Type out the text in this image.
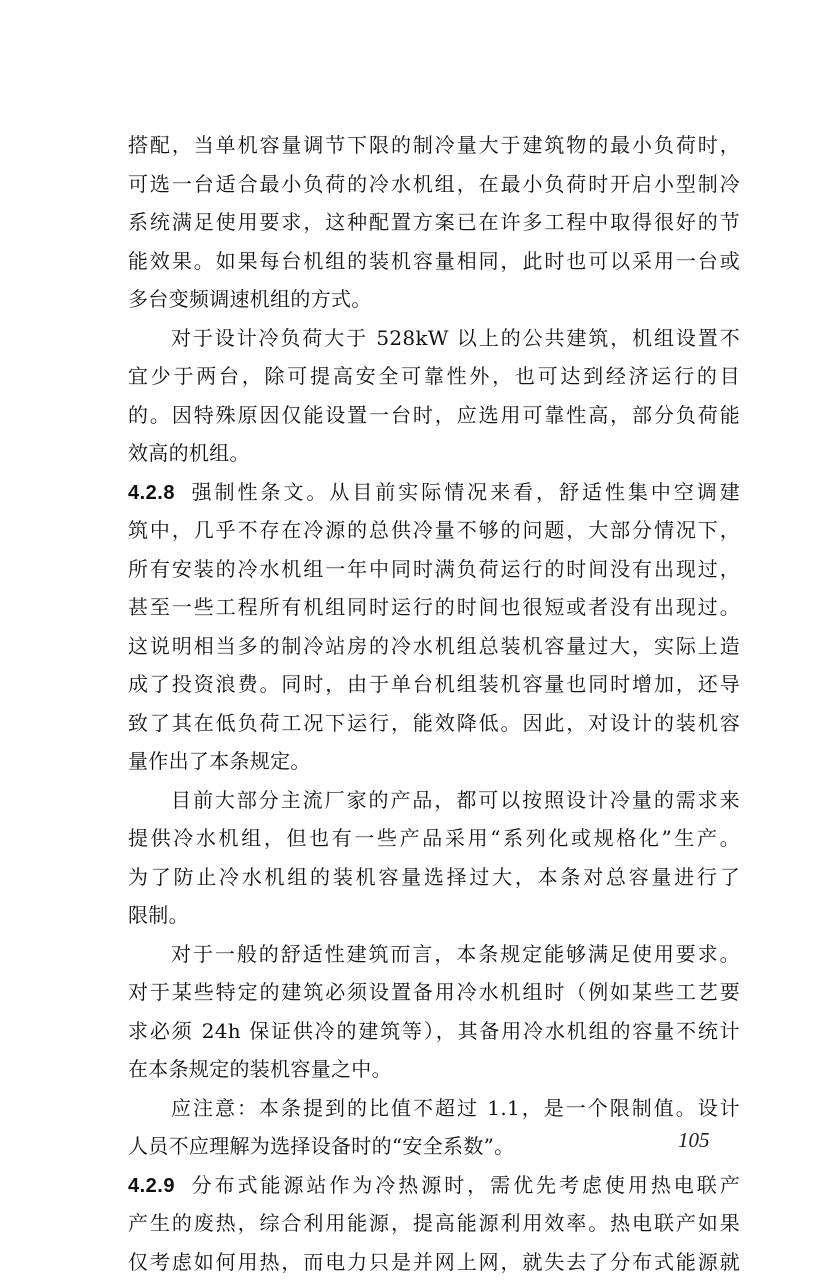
搭配，当单机容量调节下限的制冷量大于建筑物的最小负荷时，
可选一台适合最小负荷的冷水机组，在最小负荷时开启小型制冷
系统满足使用要求，这种配置方案已在许多工程中取得很好的节
能效果。如果每台机组的装机容量相同，此时也可以采用一台或
多台变频调速机组的方式。
对于设计冷负荷大于 528kW 以上的公共建筑，机组设置不
宜少于两台，除可提高安全可靠性外，也可达到经济运行的目
的。因特殊原因仅能设置一台时，应选用可靠性高，部分负荷能
效高的机组。
4.2.8 强制性条文。从目前实际情况来看，舒适性集中空调建
筑中，几乎不存在冷源的总供冷量不够的问题，大部分情况下，
所有安装的冷水机组一年中同时满负荷运行的时间没有出现过，
甚至一些工程所有机组同时运行的时间也很短或者没有出现过。
这说明相当多的制冷站房的冷水机组总装机容量过大，实际上造
成了投资浪费。同时，由于单台机组装机容量也同时增加，还导
致了其在低负荷工况下运行，能效降低。因此，对设计的装机容
量作出了本条规定。
目前大部分主流厂家的产品，都可以按照设计冷量的需求来
提供冷水机组，但也有一些产品采用“系列化或规格化”生产。
为了防止冷水机组的装机容量选择过大，本条对总容量进行了
限制。
对于一般的舒适性建筑而言，本条规定能够满足使用要求。
对于某些特定的建筑必须设置备用冷水机组时（例如某些工艺要
求必须 24h 保证供冷的建筑等），其备用冷水机组的容量不统计
在本条规定的装机容量之中。
应注意：本条提到的比值不超过 1.1，是一个限制值。设计
人员不应理解为选择设备时的“安全系数”。
4.2.9 分布式能源站作为冷热源时，需优先考虑使用热电联产
产生的废热，综合利用能源，提高能源利用效率。热电联产如果
仅考虑如何用热，而电力只是并网上网，就失去了分布式能源就
105
